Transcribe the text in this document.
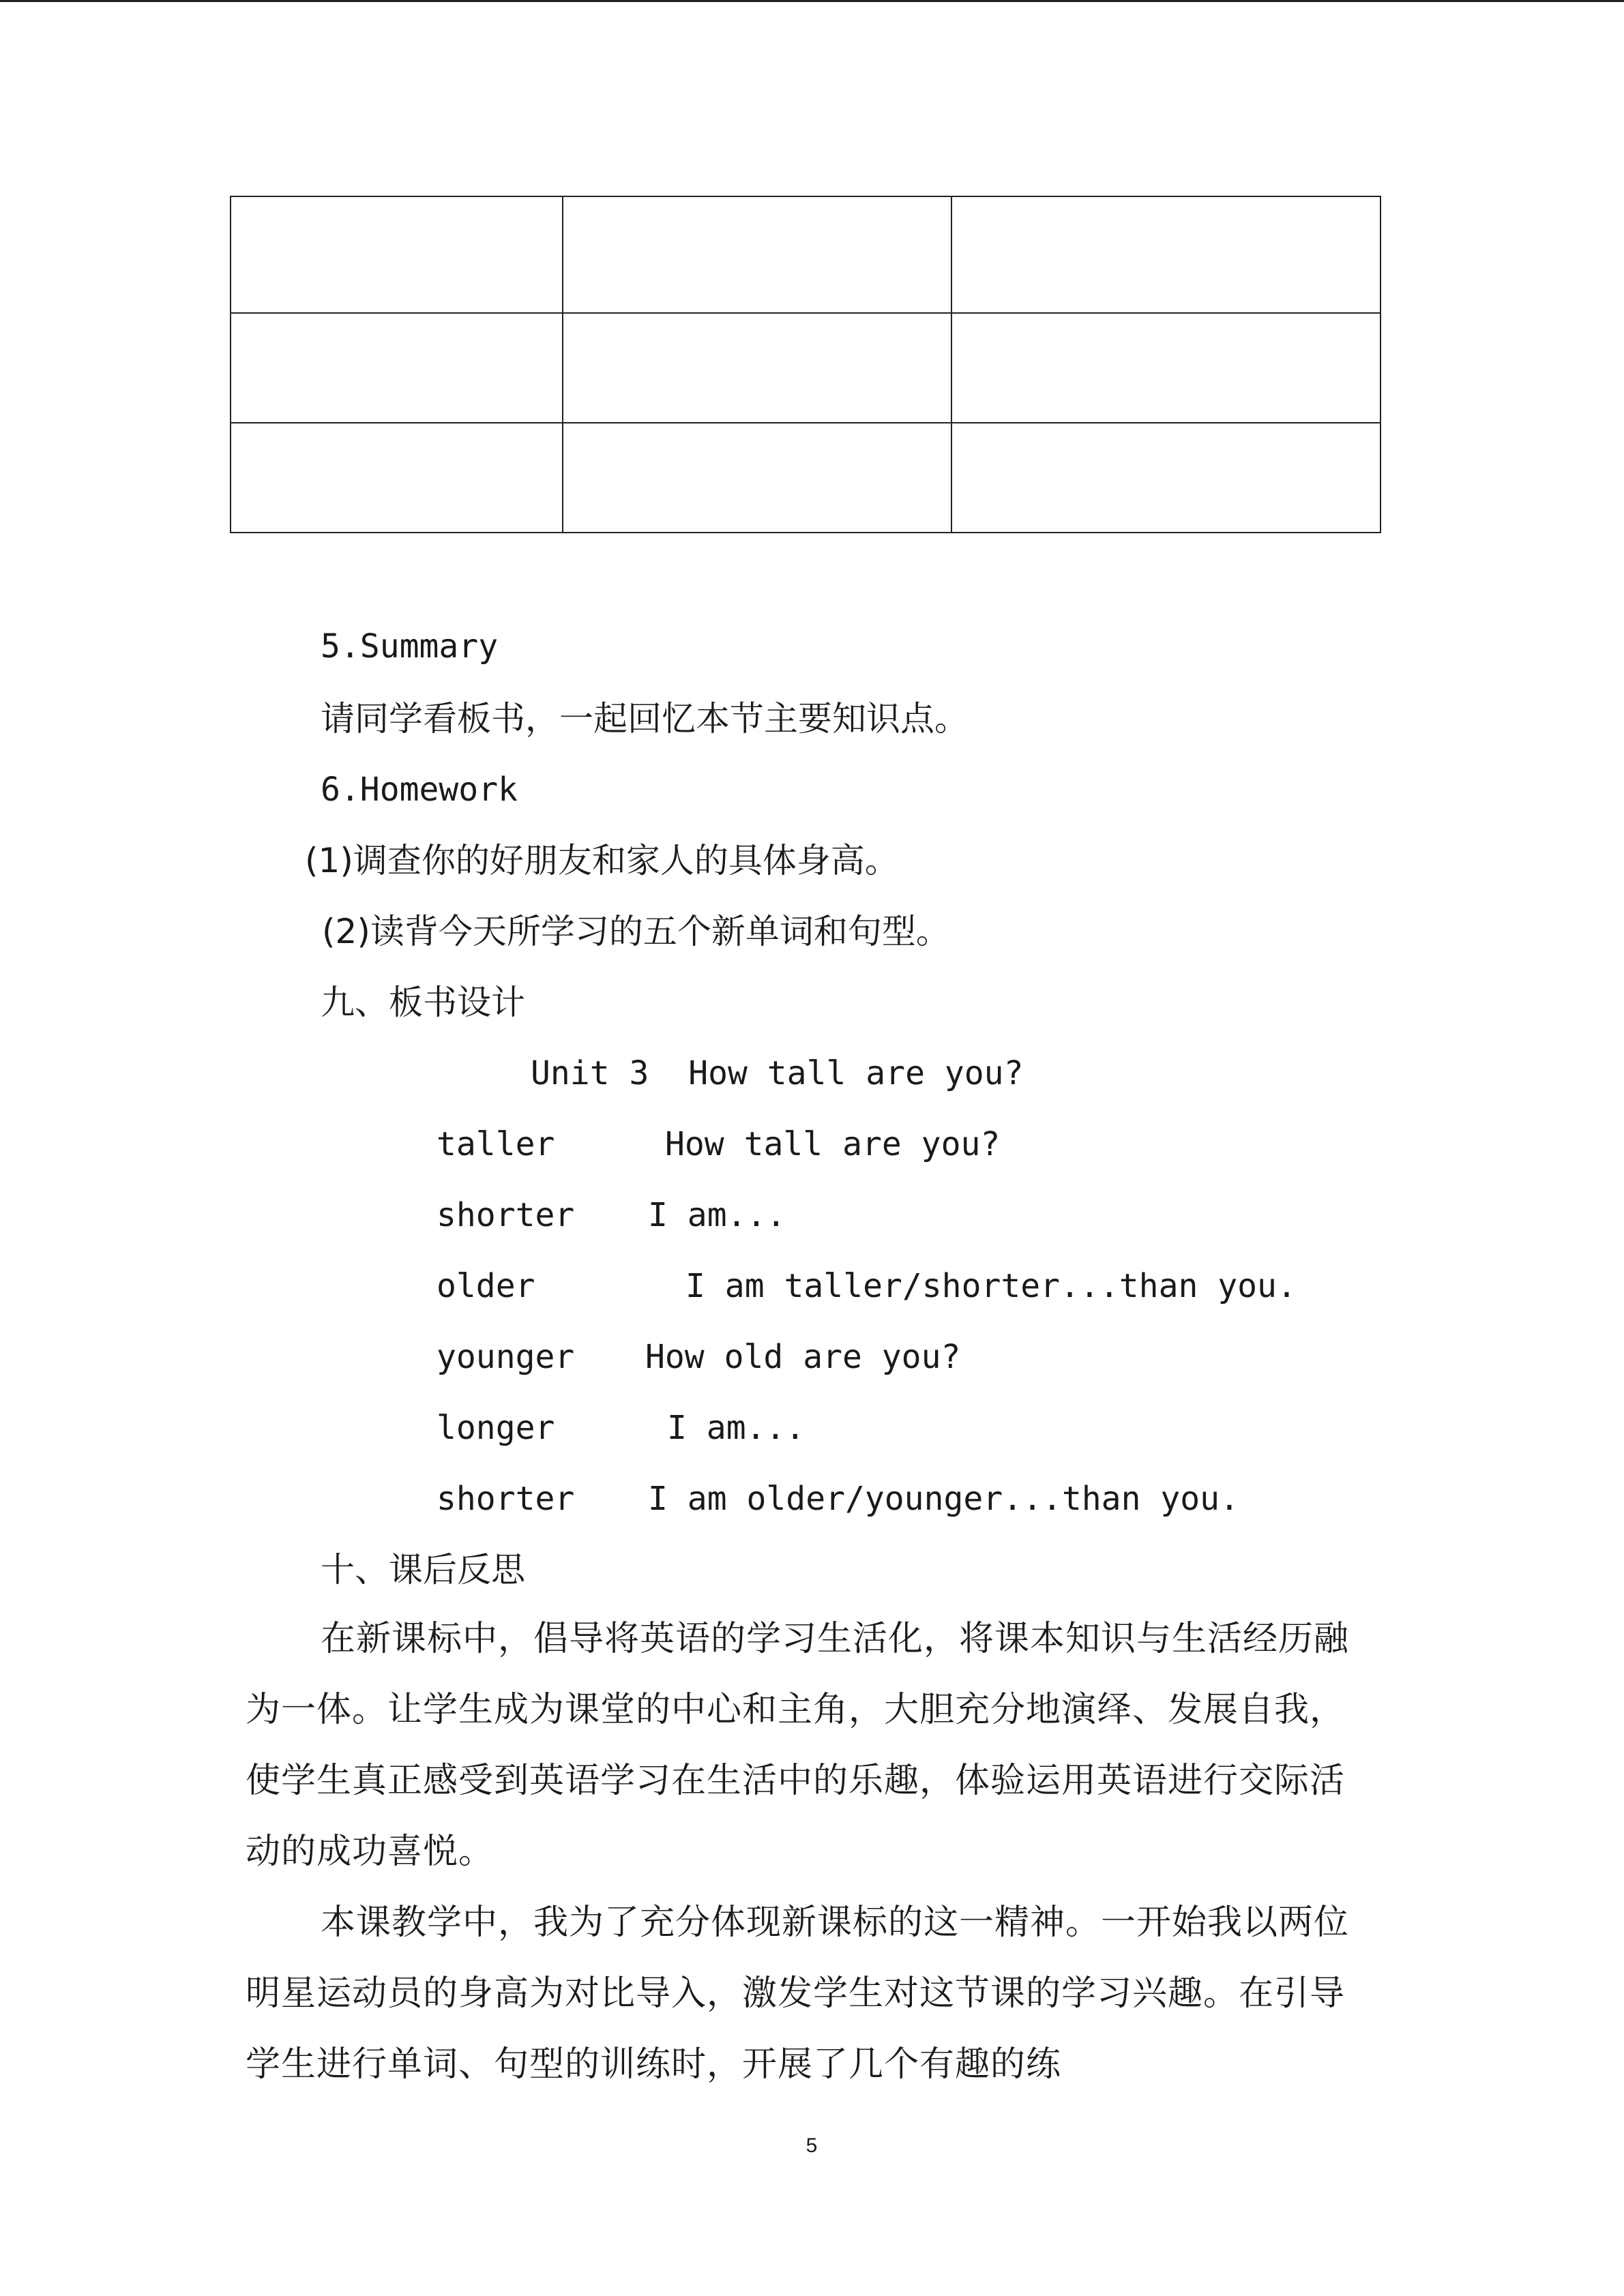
5.Summary
请同学看板书，一起回忆本节主要知识点。
6.Homework
(1)调查你的好朋友和家人的具体身高。
(2)读背今天所学习的五个新单词和句型。
九、板书设计
Unit 3  How tall are you?
taller	How tall are you?
shorter I am...
older	I am taller/shorter...than you.
younger How old are you?
longer	I am...
shorter I am older/younger...than you.
十、课后反思

在新课标中，倡导将英语的学习生活化，将课本知识与生活经历融为一体。让学生成为课堂的中心和主角，大胆充分地演绎、发展自我，使学生真正感受到英语学习在生活中的乐趣，体验运用英语进行交际活动的成功喜悦。

本课教学中，我为了充分体现新课标的这一精神。一开始我以两位明星运动员的身高为对比导入，激发学生对这节课的学习兴趣。在引导学生进行单词、句型的训练时，开展了几个有趣的练

5
